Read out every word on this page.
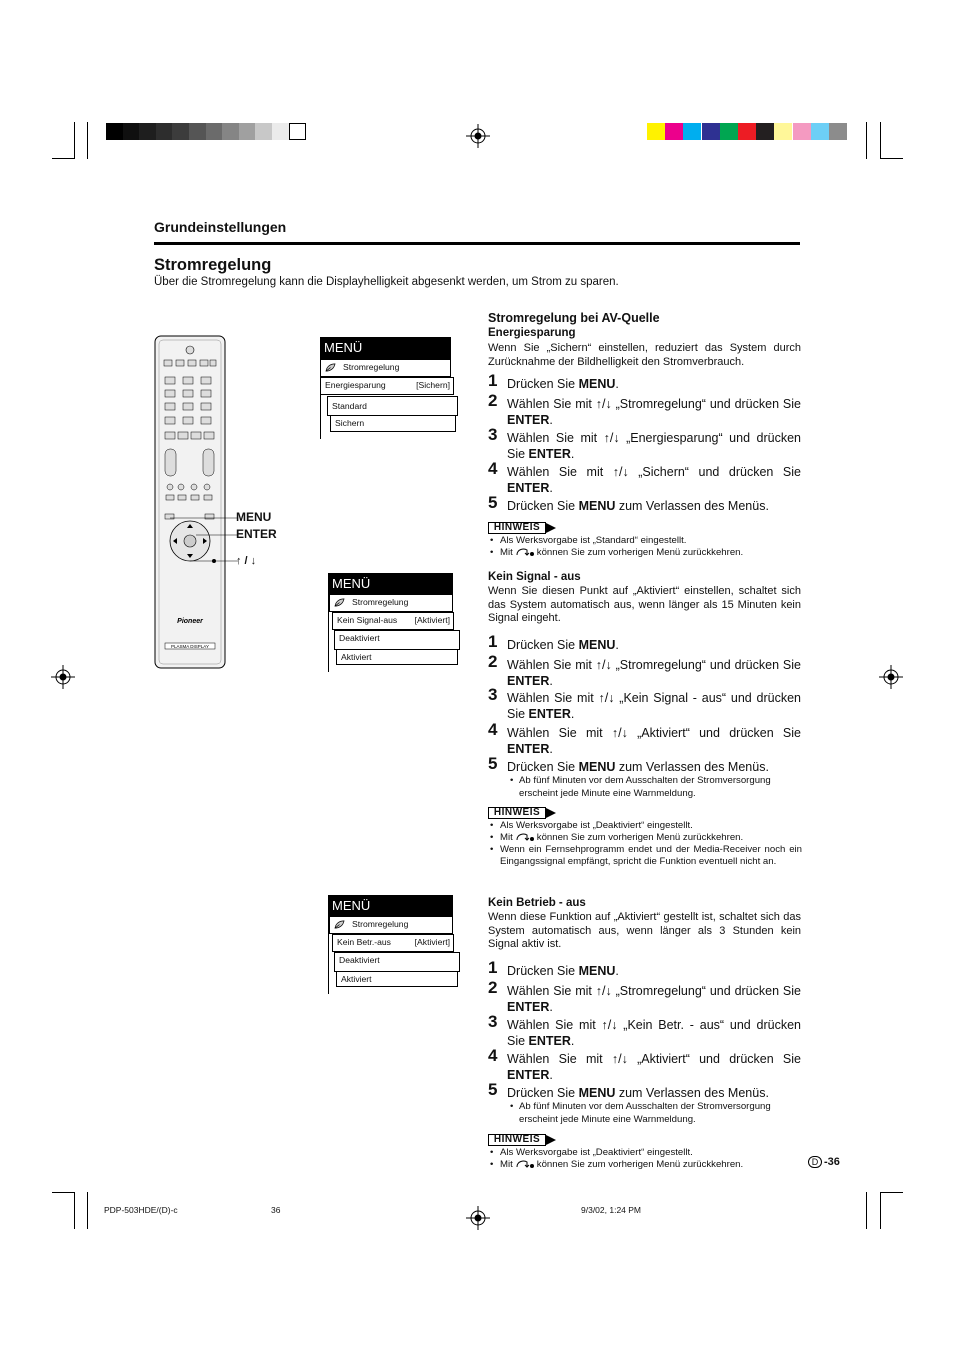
Grundeinstellungen
Stromregelung
Über die Stromregelung kann die Displayhelligkeit abgesenkt werden, um Strom zu sparen.
Pioneer
PLASMA DISPLAY
MENU
ENTER
↑ / ↓
MENÜ
Stromregelung
Energiesparung	[Sichern]
Standard
Sichern
MENÜ
Stromregelung
Kein Signal-aus [Aktiviert]
Deaktiviert
Aktiviert
MENÜ
Stromregelung
Kein Betr.-aus	[Aktiviert]
Deaktiviert
Aktiviert
Stromregelung bei AV-Quelle
Energiesparung
Wenn Sie „Sichern“ einstellen, reduziert das System durch Zurücknahme der Bildhelligkeit den Stromverbrauch.
1 Drücken Sie MENU.
2 Wählen Sie mit ↑/↓ „Stromregelung“ und drücken Sie ENTER.
3 Wählen Sie mit ↑/↓ „Energiesparung“ und drücken Sie ENTER.
4 Wählen Sie mit ↑/↓ „Sichern“ und drücken Sie ENTER.
5 Drücken Sie MENU zum Verlassen des Menüs.
HINWEIS
• Als Werksvorgabe ist „Standard“ eingestellt.
• Mit	können Sie zum vorherigen Menü zurückkehren.
Kein Signal - aus
Wenn Sie diesen Punkt auf „Aktiviert“ einstellen, schaltet sich das System automatisch aus, wenn länger als 15 Minuten kein Signal eingeht.
1 Drücken Sie MENU.
2 Wählen Sie mit ↑/↓ „Stromregelung“ und drücken Sie ENTER.
3 Wählen Sie mit ↑/↓ „Kein Signal - aus“ und drücken Sie ENTER.
4 Wählen Sie mit ↑/↓ „Aktiviert“ und drücken Sie ENTER.
5 Drücken Sie MENU zum Verlassen des Menüs.
• Ab fünf Minuten vor dem Ausschalten der Stromversorgung erscheint jede Minute eine Warnmeldung.
HINWEIS
• Als Werksvorgabe ist „Deaktiviert“ eingestellt.
• Mit	können Sie zum vorherigen Menü zurückkehren.
• Wenn ein Fernsehprogramm endet und der Media-Receiver noch ein Eingangssignal empfängt, spricht die Funktion eventuell nicht an.
Kein Betrieb - aus
Wenn diese Funktion auf „Aktiviert“ gestellt ist, schaltet sich das System automatisch aus, wenn länger als 3 Stunden kein Signal aktiv ist.
1 Drücken Sie MENU.
2 Wählen Sie mit ↑/↓ „Stromregelung“ und drücken Sie ENTER.
3 Wählen Sie mit ↑/↓ „Kein Betr. - aus“ und drücken Sie ENTER.
4 Wählen Sie mit ↑/↓ „Aktiviert“ und drücken Sie ENTER.
5 Drücken Sie MENU zum Verlassen des Menüs.
• Ab fünf Minuten vor dem Ausschalten der Stromversorgung erscheint jede Minute eine Warnmeldung.
HINWEIS
• Als Werksvorgabe ist „Deaktiviert“ eingestellt.
• Mit	können Sie zum vorherigen Menü zurückkehren.	D -36
PDP-503HDE/(D)-c	36	9/3/02, 1:24 PM
